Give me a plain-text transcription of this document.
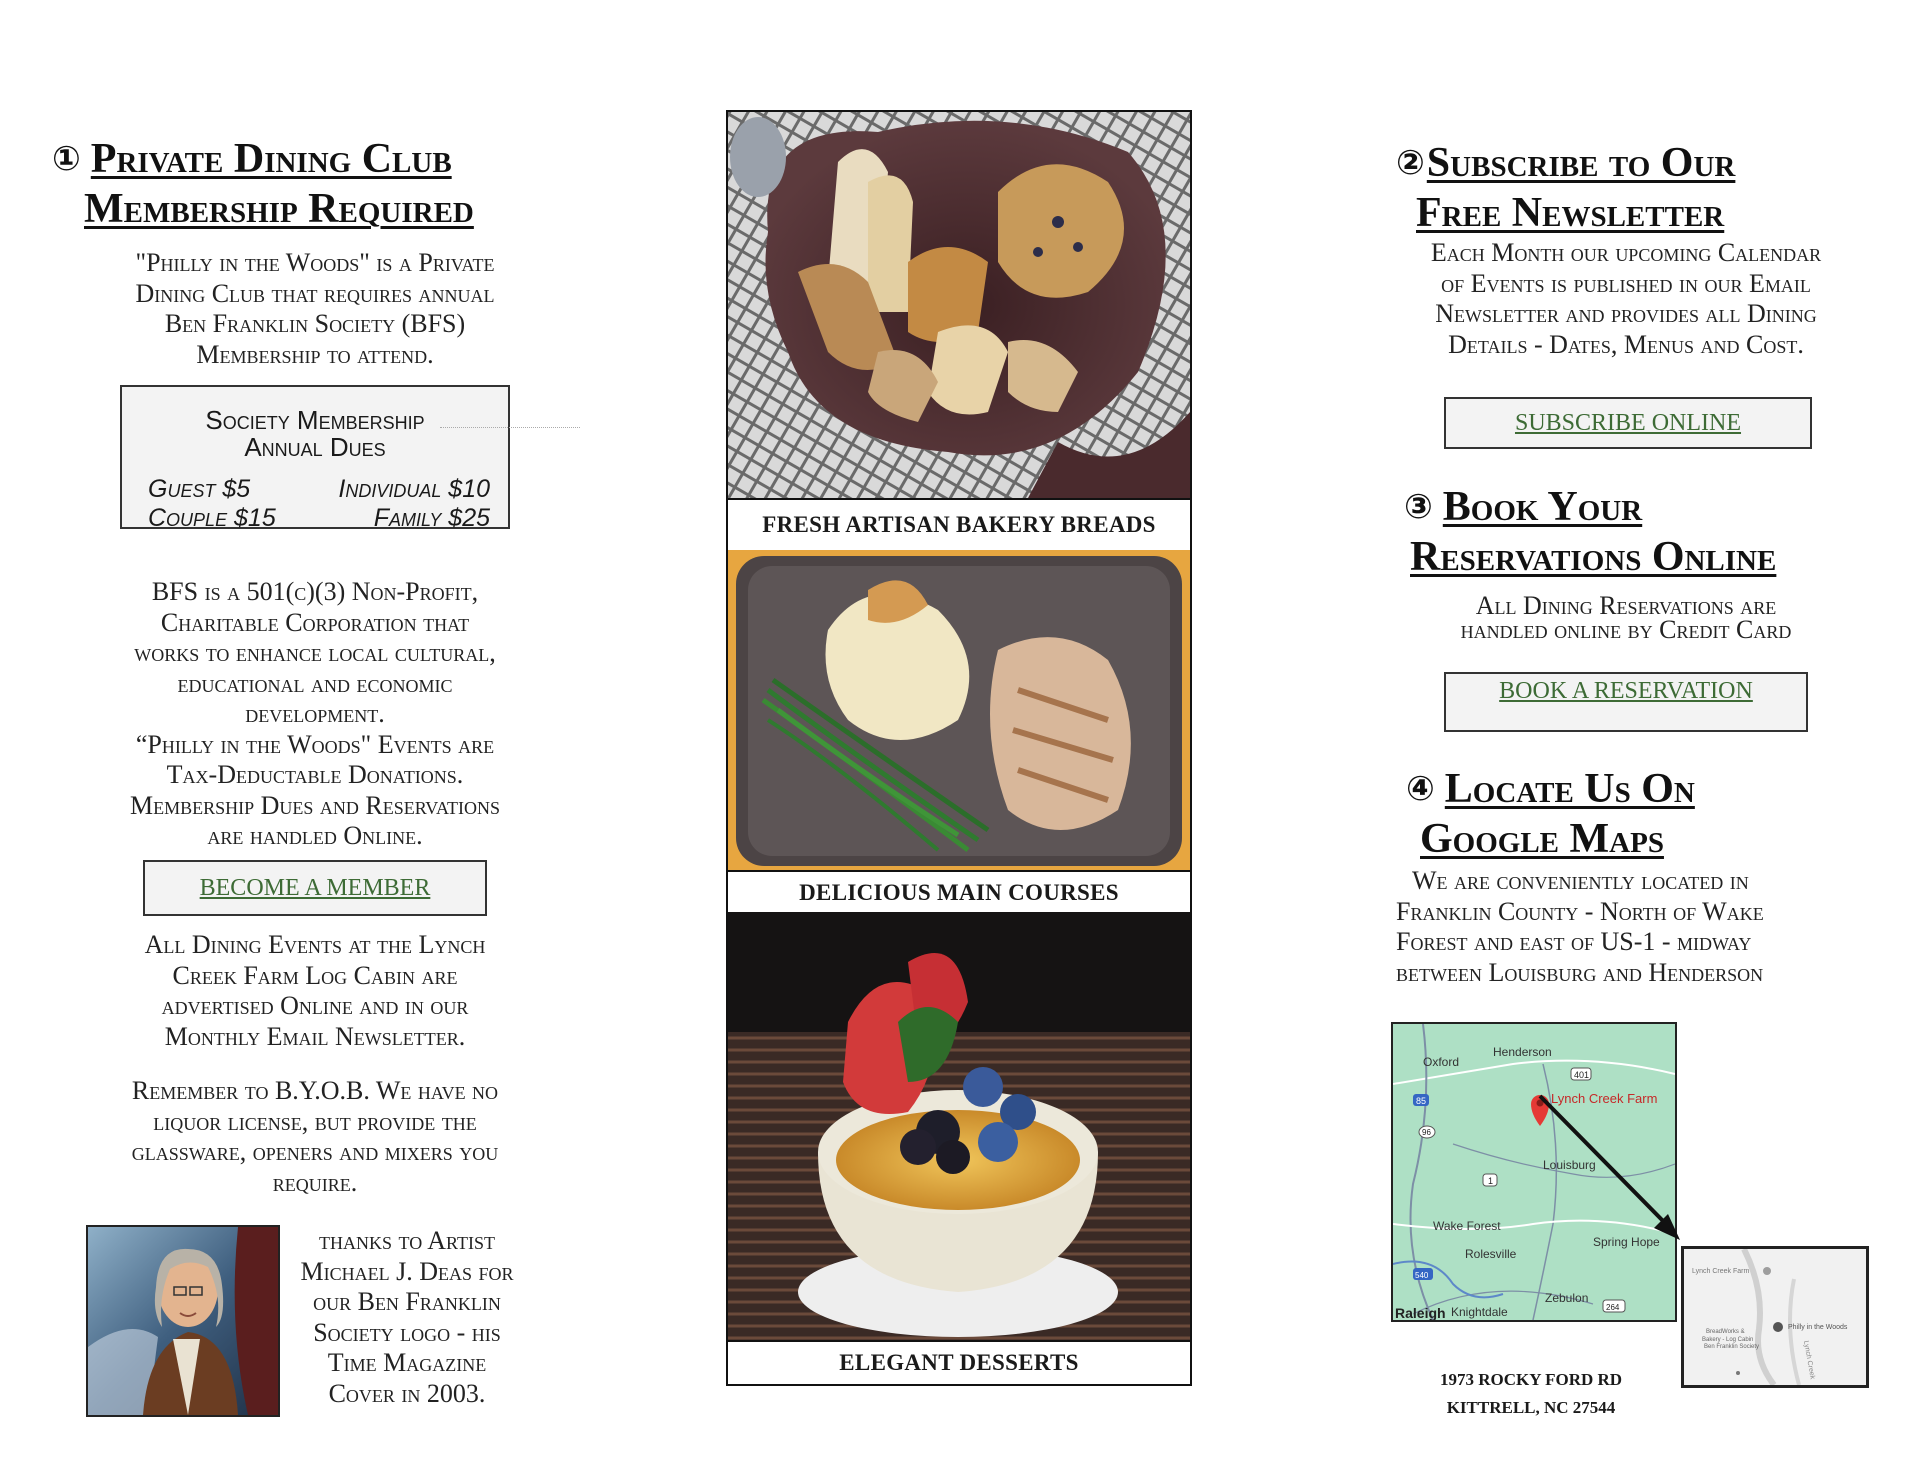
① Private Dining Club
Membership Required
"Philly in the Woods" is a Private
Dining Club that requires annual
Ben Franklin Society (BFS)
Membership to attend.
Society Membership
Annual Dues
Guest $5	Individual $10
Couple $15	Family $25
BFS is a 501(c)(3) Non-Profit,
Charitable Corporation that
works to enhance local cultural,
educational and economic
development.
“Philly in the Woods" Events are
Tax-Deductable Donations.
Membership Dues and Reservations
are handled Online.
BECOME A MEMBER
All Dining Events at the Lynch
Creek Farm Log Cabin are
advertised Online and in our
Monthly Email Newsletter.
Remember to B.Y.O.B. We have no
liquor license, but provide the
glassware, openers and mixers you
require.
thanks to Artist
Michael J. Deas for
our Ben Franklin
Society logo - his
Time Magazine
Cover in 2003.
FRESH ARTISAN BAKERY BREADS
DELICIOUS MAIN COURSES
ELEGANT DESSERTS
②Subscribe to Our
Free Newsletter
Each Month our upcoming Calendar
of Events is published in our Email
Newsletter and provides all Dining
Details - Dates, Menus and Cost.
SUBSCRIBE ONLINE
③ Book Your
Reservations Online
All Dining Reservations are
handled online by Credit Card
BOOK A RESERVATION
④ Locate Us On
Google Maps
We are conveniently located in
Franklin County - North of Wake
Forest and east of US-1 - midway
between Louisburg and Henderson
Oxford
Henderson
Lynch Creek Farm
Louisburg
Wake Forest
Rolesville
Spring Hope
Zebulon
Raleigh Knightdale
85
401
96
1
540
264
Lynch Creek Farm
Philly in the Woods
BreadWorks &
Bakery - Log Cabin
Ben Franklin Society	Lynch Creek
1973 ROCKY FORD RD
KITTRELL, NC 27544
